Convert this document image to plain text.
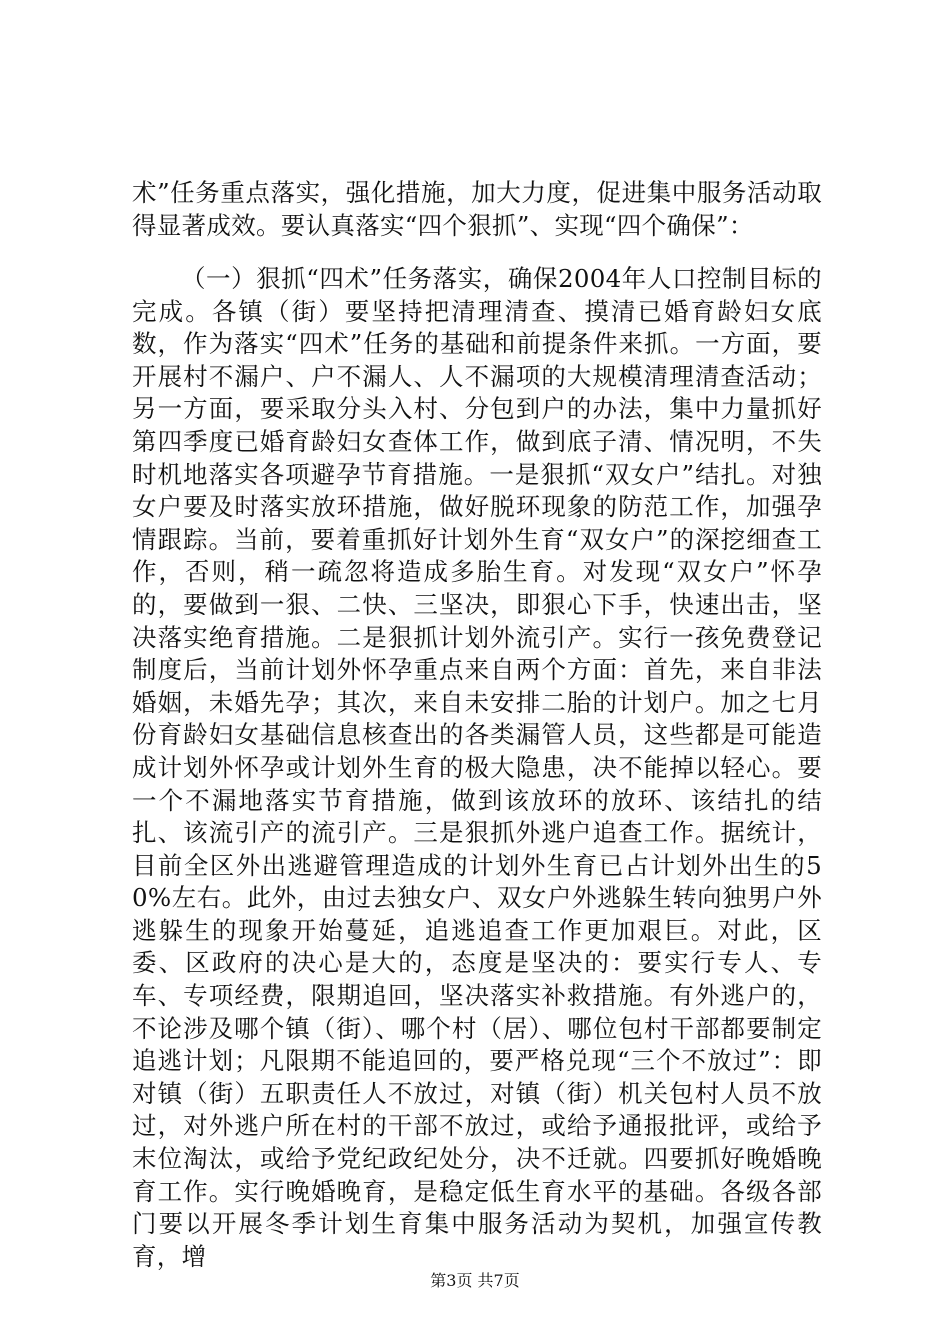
术”任务重点落实，强化措施，加大力度，促进集中服务活动取得显著成效。要认真落实“四个狠抓”、实现“四个确保”：
（一）狠抓“四术”任务落实，确保2004年人口控制目标的完成。各镇（街）要坚持把清理清查、摸清已婚育龄妇女底数，作为落实“四术”任务的基础和前提条件来抓。一方面，要开展村不漏户、户不漏人、人不漏项的大规模清理清查活动；另一方面，要采取分头入村、分包到户的办法，集中力量抓好第四季度已婚育龄妇女查体工作，做到底子清、情况明，不失时机地落实各项避孕节育措施。一是狠抓“双女户”结扎。对独女户要及时落实放环措施，做好脱环现象的防范工作，加强孕情跟踪。当前，要着重抓好计划外生育“双女户”的深挖细查工作，否则，稍一疏忽将造成多胎生育。对发现“双女户”怀孕的，要做到一狠、二快、三坚决，即狠心下手，快速出击，坚决落实绝育措施。二是狠抓计划外流引产。实行一孩免费登记制度后，当前计划外怀孕重点来自两个方面：首先，来自非法婚姻，未婚先孕；其次，来自未安排二胎的计划户。加之七月份育龄妇女基础信息核查出的各类漏管人员，这些都是可能造成计划外怀孕或计划外生育的极大隐患，决不能掉以轻心。要一个不漏地落实节育措施，做到该放环的放环、该结扎的结扎、该流引产的流引产。三是狠抓外逃户追查工作。据统计，目前全区外出逃避管理造成的计划外生育已占计划外出生的50%左右。此外，由过去独女户、双女户外逃躲生转向独男户外逃躲生的现象开始蔓延，追逃追查工作更加艰巨。对此，区委、区政府的决心是大的，态度是坚决的：要实行专人、专车、专项经费，限期追回，坚决落实补救措施。有外逃户的，不论涉及哪个镇（街）、哪个村（居）、哪位包村干部都要制定追逃计划；凡限期不能追回的，要严格兑现“三个不放过”：即对镇（街）五职责任人不放过，对镇（街）机关包村人员不放过，对外逃户所在村的干部不放过，或给予通报批评，或给予末位淘汰，或给予党纪政纪处分，决不迁就。四要抓好晚婚晚育工作。实行晚婚晚育，是稳定低生育水平的基础。各级各部门要以开展冬季计划生育集中服务活动为契机，加强宣传教育，增
第3页 共7页
